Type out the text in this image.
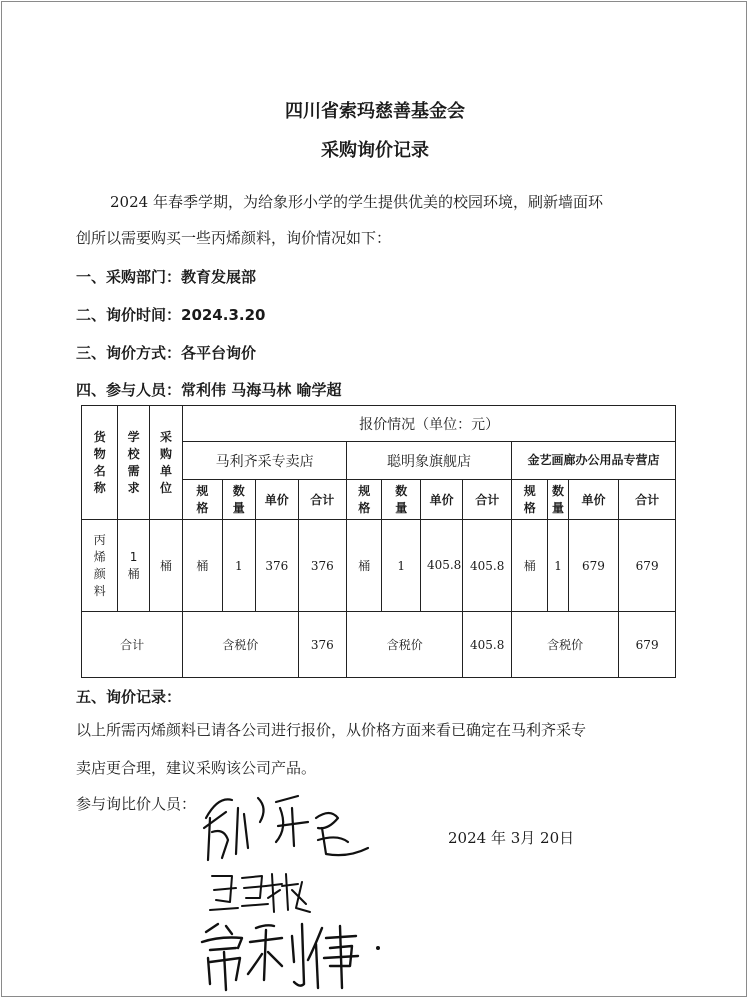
四川省索玛慈善基金会
采购询价记录
2024 年春季学期，为给象形小学的学生提供优美的校园环境，刷新墙面环
创所以需要购买一些丙烯颜料，询价情况如下：
一、采购部门：教育发展部
二、询价时间：2024.3.20
三、询价方式：各平台询价
四、参与人员：常利伟 马海马林 喻学超
货物名称	学校需求	采购单位	报价情况（单位：元）											
			马利齐采专卖店				聪明象旗舰店				金艺画廊办公用品专营店			

			规格	数量	单价	合计	规格	数量	单价	合计	规格	数量	单价	合计

丙烯颜料	1桶	桶	桶	1	376	376	桶	1	405.8	405.8	桶	1	679	679
合计			含税价			376	含税价			405.8	含税价			679
五、询价记录：
以上所需丙烯颜料已请各公司进行报价，从价格方面来看已确定在马利齐采专
卖店更合理，建议采购该公司产品。
参与询比价人员：
2024 年 3月 20日
